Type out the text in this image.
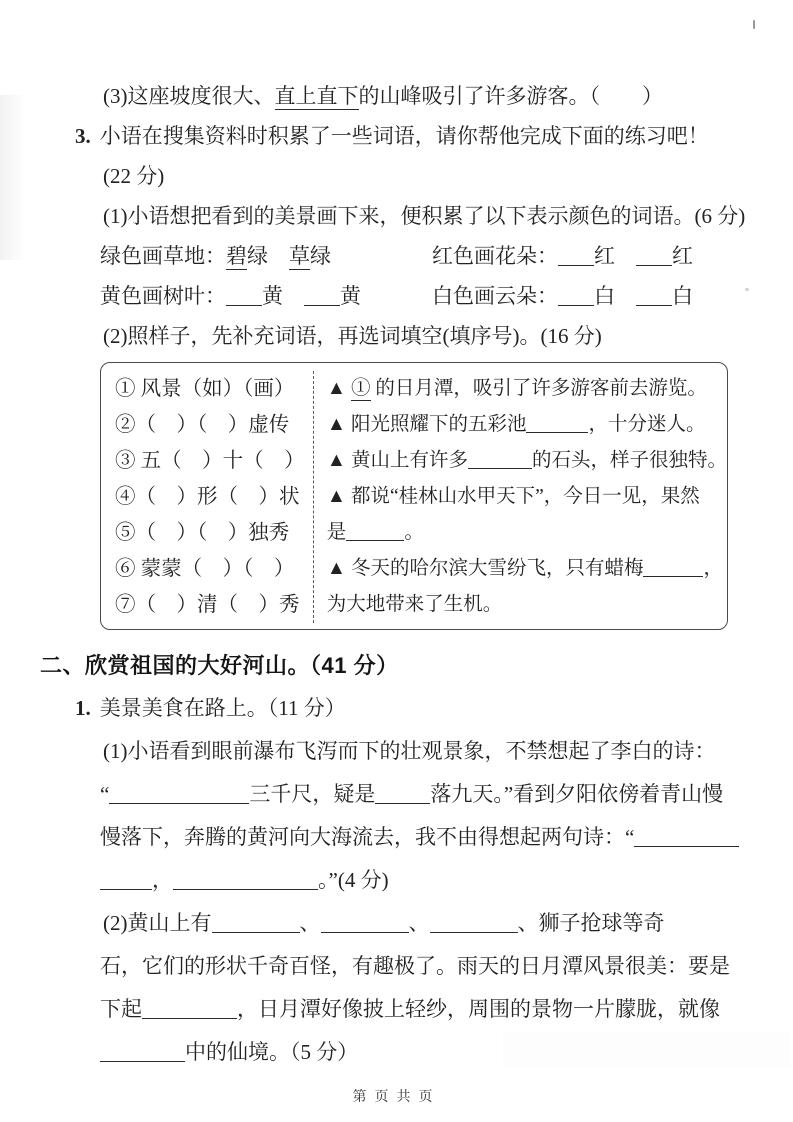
(3)这座坡度很大、直上直下的山峰吸引了许多游客。（　　）
3. 小语在搜集资料时积累了一些词语，请你帮他完成下面的练习吧！
(22 分)
(1)小语想把看到的美景画下来，便积累了以下表示颜色的词语。(6 分)
绿色画草地：碧绿　草绿	红色画花朵： 红　红
黄色画树叶： 黄　黄	白色画云朵： 白　白
(2)照样子，先补充词语，再选词填空(填序号)。(16 分)
① 风景（如）（画）
②（　）（　）虚传
③ 五（　）十（　）
④（　）形（　）状
⑤（　）（　）独秀
⑥ 蒙蒙（　）（　）
⑦（　）清（　）秀
▲ ① 的日月潭，吸引了许多游客前去游览。
▲ 阳光照耀下的五彩池	，十分迷人。
▲ 黄山上有许多	的石头，样子很独特。
▲ 都说“桂林山水甲天下”，今日一见，果然
是	。
▲ 冬天的哈尔滨大雪纷飞，只有蜡梅	，
为大地带来了生机。
二、欣赏祖国的大好河山。（41 分）
1. 美景美食在路上。（11 分）
(1)小语看到眼前瀑布飞泻而下的壮观景象，不禁想起了李白的诗：
“	三千尺，疑是	落九天。”看到夕阳依傍着青山慢
慢落下，奔腾的黄河向大海流去，我不由得想起两句诗：“
，	。”(4 分)
(2)黄山上有	、	、	、狮子抢球等奇
石，它们的形状千奇百怪，有趣极了。雨天的日月潭风景很美：要是
下起	，日月潭好像披上轻纱，周围的景物一片朦胧，就像
中的仙境。（5 分）
第页共页
